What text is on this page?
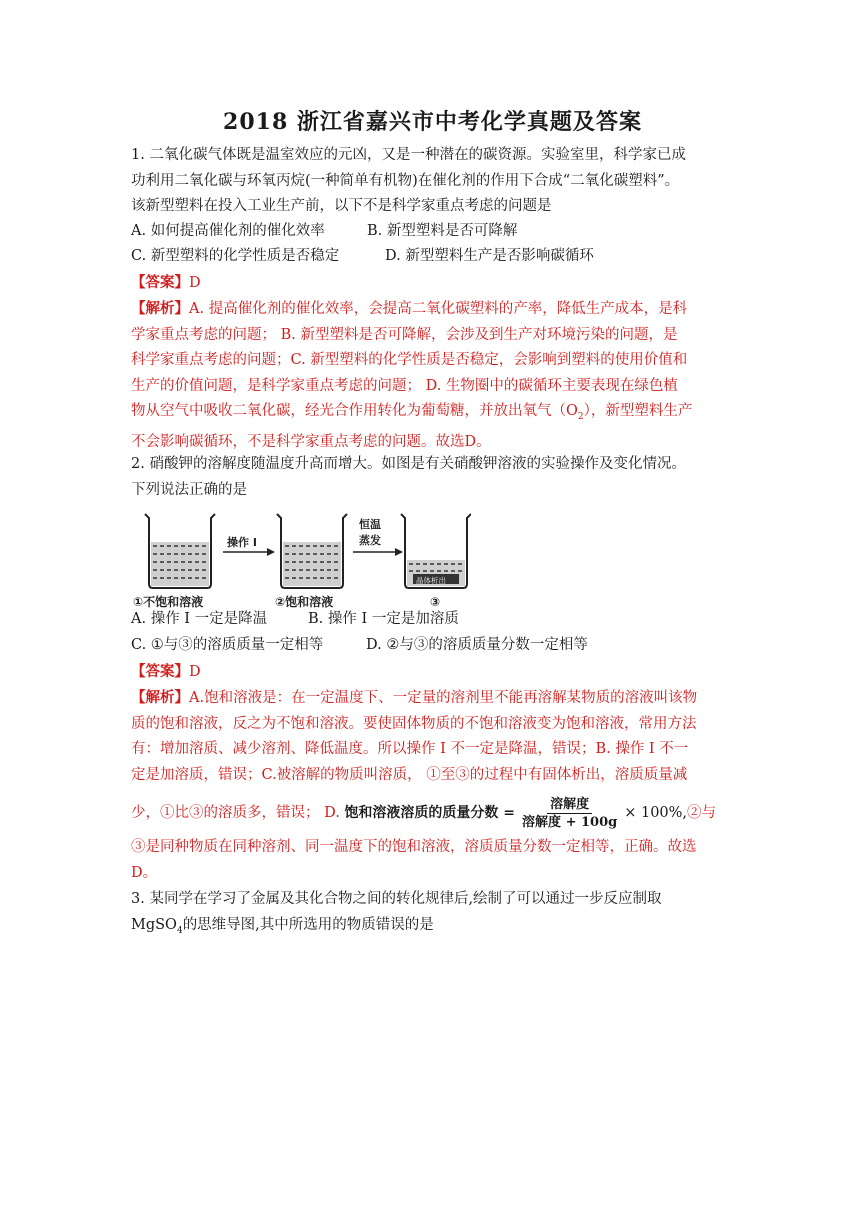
2018 浙江省嘉兴市中考化学真题及答案
1. 二氧化碳气体既是温室效应的元凶，又是一种潜在的碳资源。实验室里，科学家已成
功利用二氧化碳与环氧丙烷(一种简单有机物)在催化剂的作用下合成“二氧化碳塑料”。
该新型塑料在投入工业生产前，以下不是科学家重点考虑的问题是
A. 如何提高催化剂的催化效率	B. 新型塑料是否可降解
C. 新型塑料的化学性质是否稳定	D. 新型塑料生产是否影响碳循环
【答案】D
【解析】A. 提高催化剂的催化效率，会提高二氧化碳塑料的产率，降低生产成本，是科
学家重点考虑的问题； B. 新型塑料是否可降解，会涉及到生产对环境污染的问题，是
科学家重点考虑的问题；C. 新型塑料的化学性质是否稳定，会影响到塑料的使用价值和
生产的价值问题，是科学家重点考虑的问题； D. 生物圈中的碳循环主要表现在绿色植
物从空气中吸收二氧化碳，经光合作用转化为葡萄糖，并放出氧气$(O_2)$，新型塑料生产
不会影响碳循环，不是科学家重点考虑的问题。故选D。
2. 硝酸钾的溶解度随温度升高而增大。如图是有关硝酸钾溶液的实验操作及变化情况。
下列说法正确的是
操作 I
恒温
蒸发
晶体析出
①不饱和溶液	②饱和溶液	③
A. 操作 I 一定是降温	B. 操作 I 一定是加溶质
C. ①与③的溶质质量一定相等	D. ②与③的溶质质量分数一定相等
【答案】D
【解析】A.饱和溶液是：在一定温度下、一定量的溶剂里不能再溶解某物质的溶液叫该物
质的饱和溶液，反之为不饱和溶液。要使固体物质的不饱和溶液变为饱和溶液，常用方法
有：增加溶质、减少溶剂、降低温度。所以操作 I 不一定是降温，错误；B. 操作 I 不一
定是加溶质，错误；C.被溶解的物质叫溶质， ①至③的过程中有固体析出，溶质质量减
少，①比③的溶质多，错误； D. 饱和溶液溶质的质量分数 = $\frac{\text{溶解度}}{\text{溶解度 + 100g}}$ × 100%,②与
③是同种物质在同种溶剂、同一温度下的饱和溶液，溶质质量分数一定相等，正确。故选
D。
3. 某同学在学习了金属及其化合物之间的转化规律后,绘制了可以通过一步反应制取
MgSO$_4$的思维导图,其中所选用的物质错误的是
